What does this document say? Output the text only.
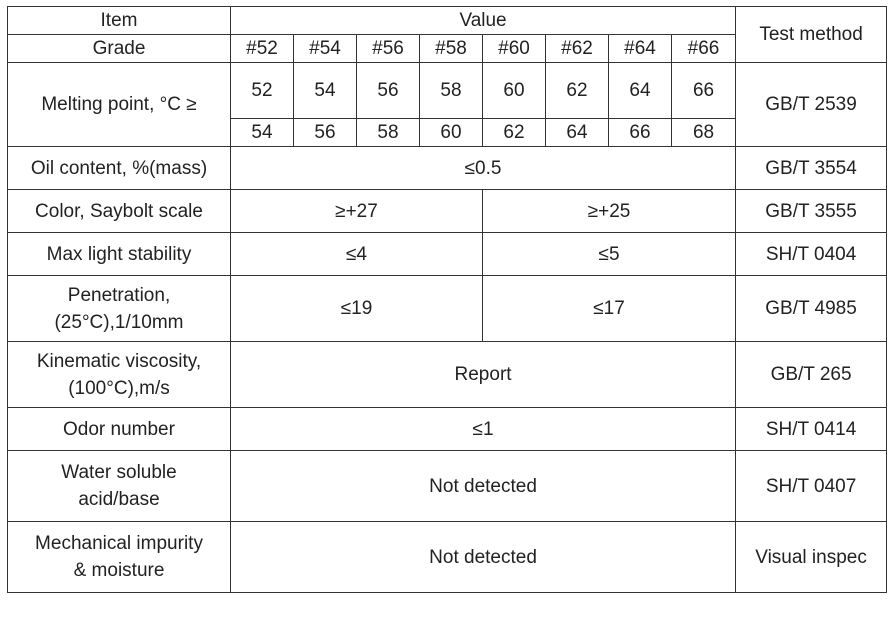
Item	Value								Test method
Grade	#52	#54	#56	#58	#60	#62	#64	#66	
Melting point, °C ≥	52	54	56	58	60	62	64	66	GB/T 2539
	54	56	58	60	62	64	66	68	
Oil content, %(mass)	≤0.5								GB/T 3554
Color, Saybolt scale	≥+27				≥+25				GB/T 3555
Max light stability	≤4				≤5				SH/T 0404
Penetration,
(25°C),1/10mm	≤19				≤17				GB/T 4985
Kinematic viscosity,
(100°C),m/s	Report								GB/T 265
Odor number	≤1								SH/T 0414
Water soluble
acid/base	Not detected								SH/T 0407
Mechanical impurity
& moisture	Not detected								Visual inspec
